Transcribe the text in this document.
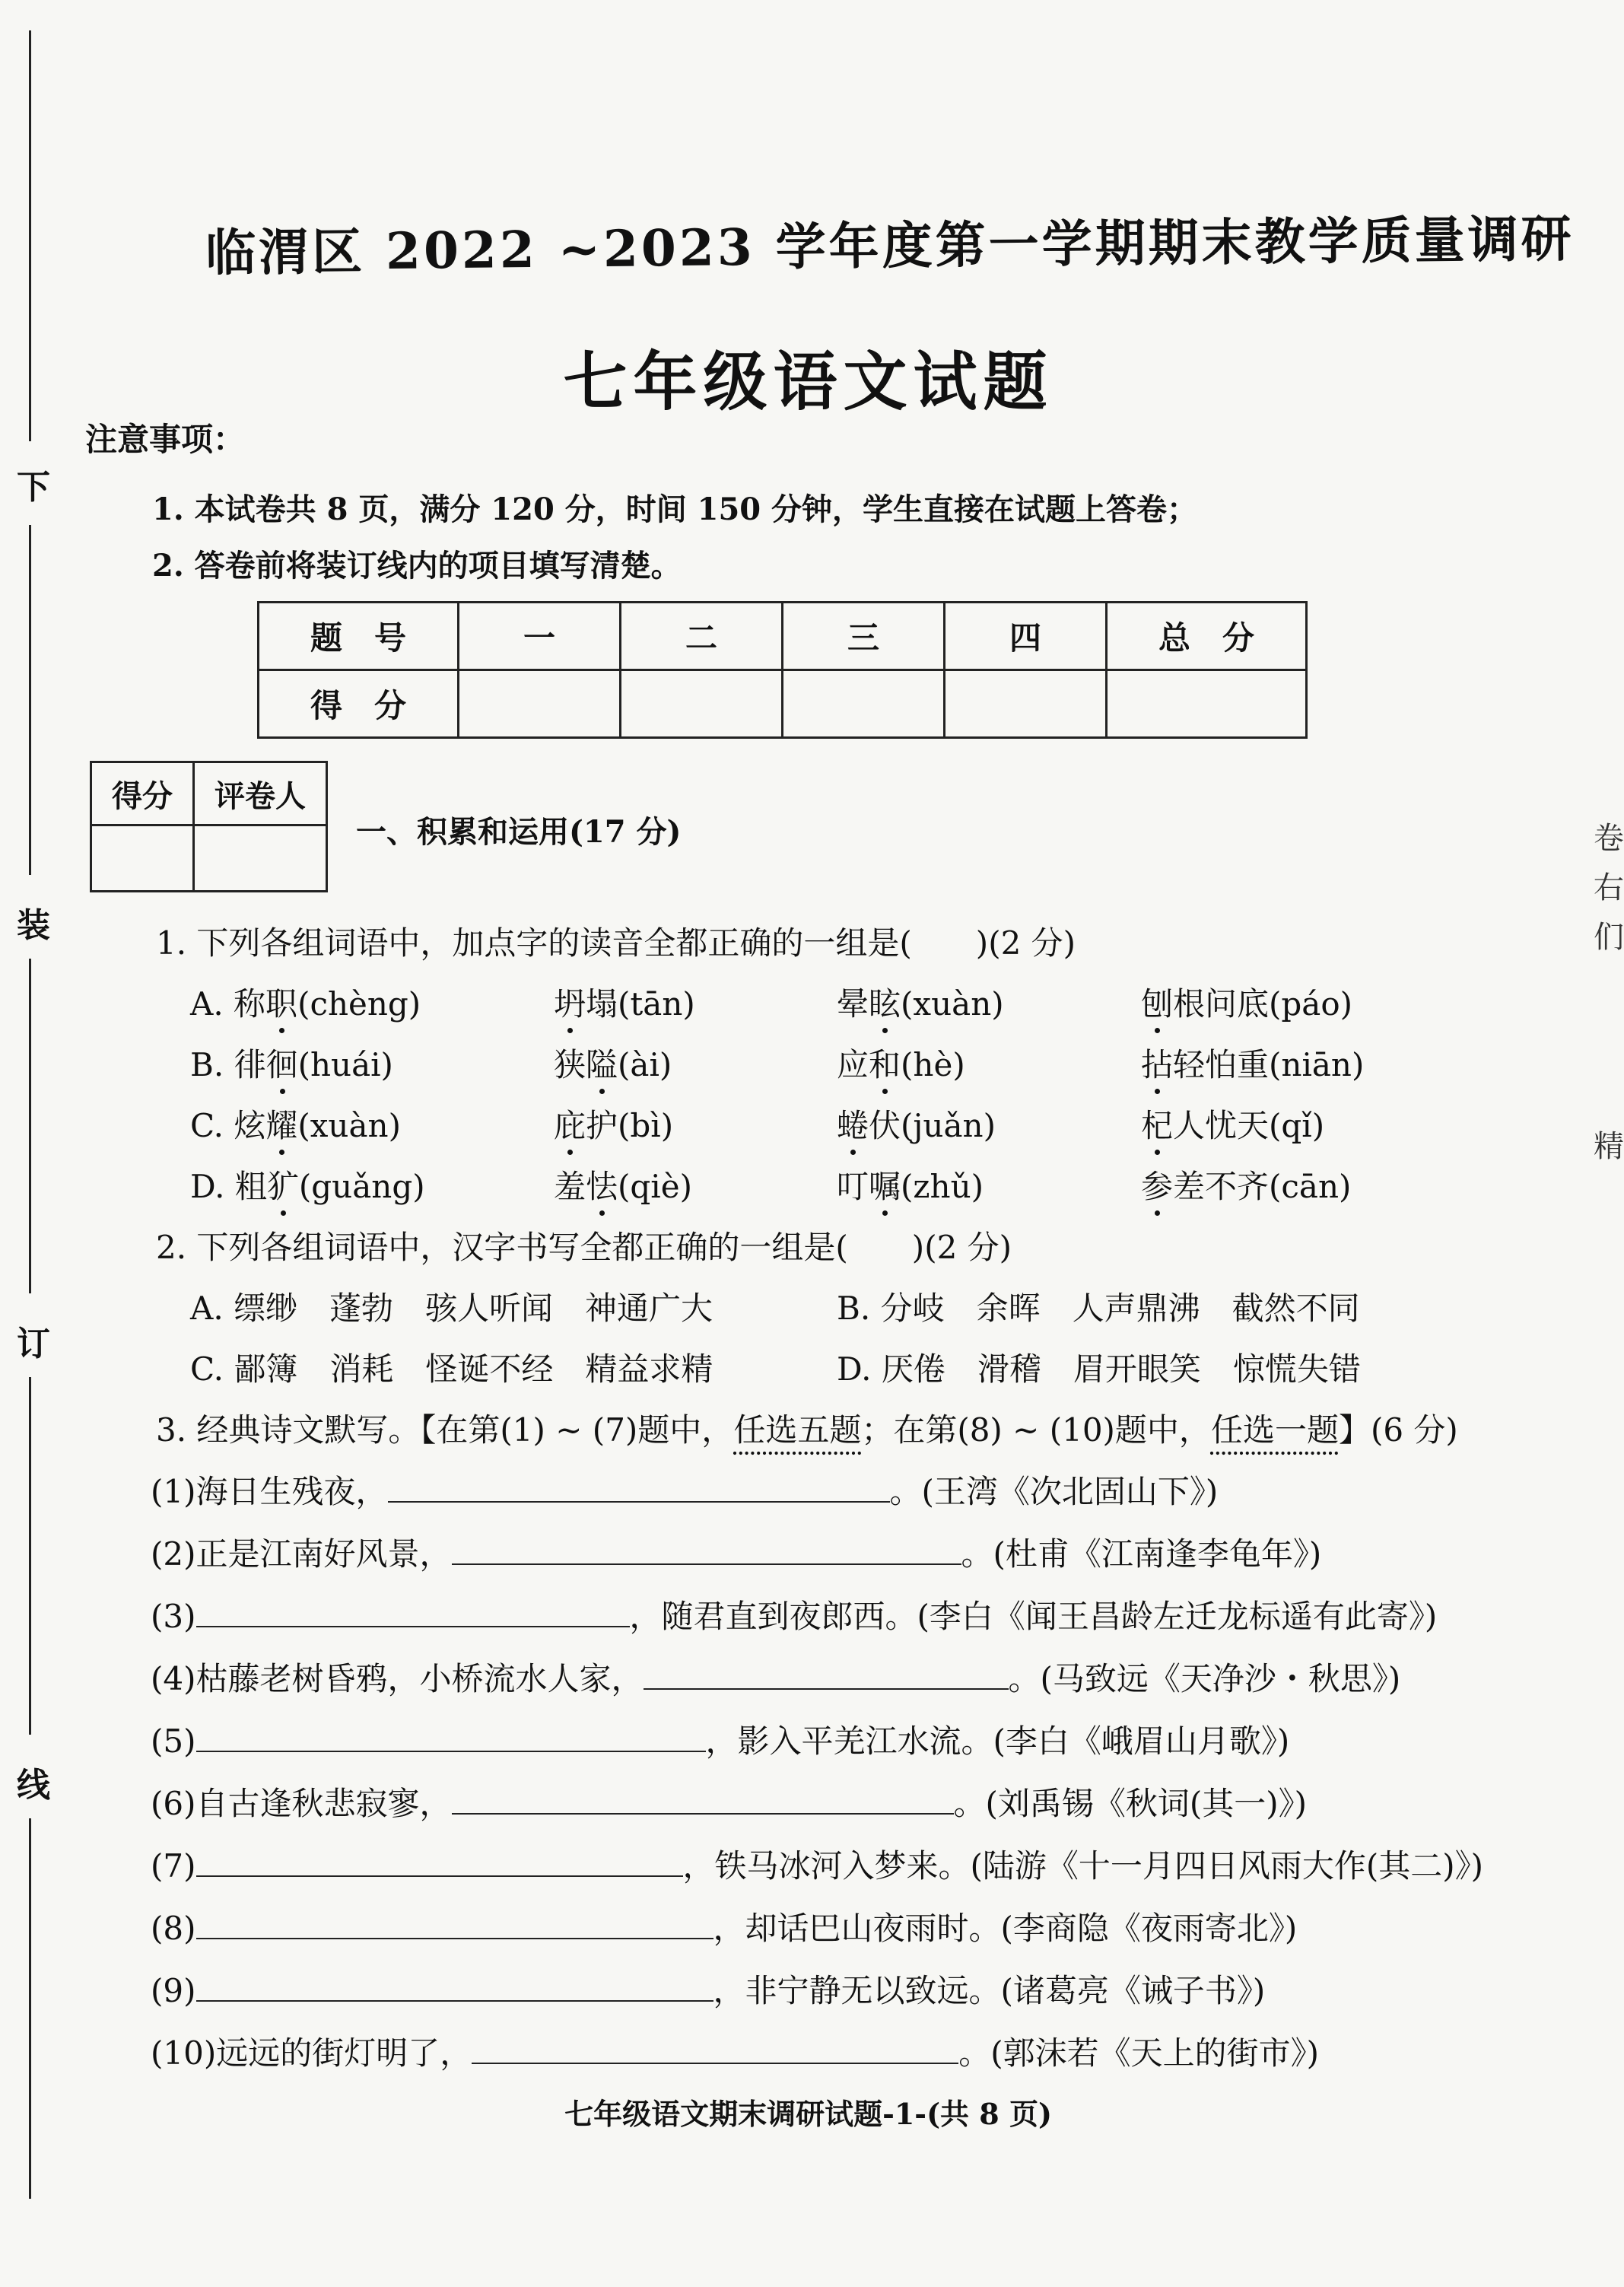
下
装
订
线
卷
右
们
精
临渭区 2022 ~2023 学年度第一学期期末教学质量调研
七年级语文试题
注意事项：
1. 本试卷共 8 页，满分 120 分，时间 150 分钟，学生直接在试题上答卷；
2. 答卷前将装订线内的项目填写清楚。
题　号	一	二	三	四	总　分
得　分					
得分	评卷人

一、积累和运用(17 分)
1. 下列各组词语中，加点字的读音全都正确的一组是(　　)(2 分)
A. 称职(chèng)	坍塌(tān)	晕眩(xuàn)	刨根问底(páo)
B. 徘徊(huái)	狭隘(ài)	应和(hè)	拈轻怕重(niān)
C. 炫耀(xuàn)	庇护(bì)	蜷伏(juǎn)	杞人忧天(qǐ)
D. 粗犷(guǎng)	羞怯(qiè)	叮嘱(zhǔ)	参差不齐(cān)
2. 下列各组词语中，汉字书写全都正确的一组是(　　)(2 分)
A. 缥缈　蓬勃　骇人听闻　神通广大	B. 分岐　余晖　人声鼎沸　截然不同
C. 鄙簿　消耗　怪诞不经　精益求精	D. 厌倦　滑稽　眉开眼笑　惊慌失错
3. 经典诗文默写。【在第(1) ~ (7)题中，任选五题；在第(8) ~ (10)题中，任选一题】(6 分)
(1)海日生残夜，	。(王湾《次北固山下》)
(2)正是江南好风景，	。(杜甫《江南逢李龟年》)
(3)	，随君直到夜郎西。(李白《闻王昌龄左迁龙标遥有此寄》)
(4)枯藤老树昏鸦，小桥流水人家，	。(马致远《天净沙・秋思》)
(5)	，影入平羌江水流。(李白《峨眉山月歌》)
(6)自古逢秋悲寂寥，	。(刘禹锡《秋词(其一)》)
(7)	，铁马冰河入梦来。(陆游《十一月四日风雨大作(其二)》)
(8)	，却话巴山夜雨时。(李商隐《夜雨寄北》)
(9)	，非宁静无以致远。(诸葛亮《诫子书》)
(10)远远的街灯明了，	。(郭沫若《天上的街市》)
七年级语文期末调研试题-1-(共 8 页)
